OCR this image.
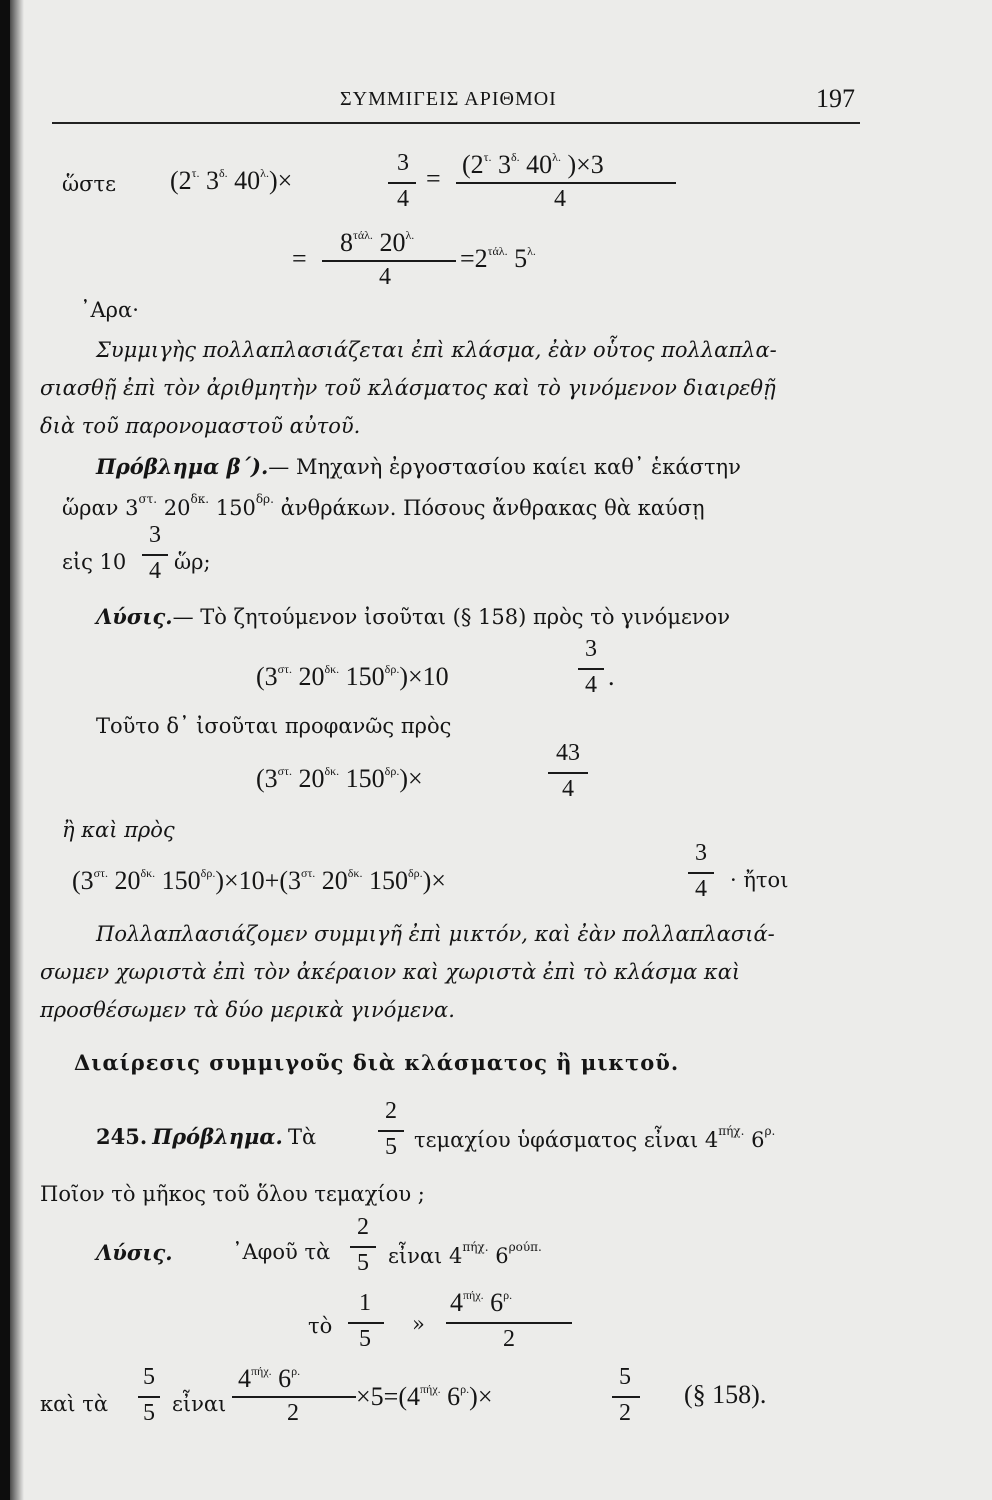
ΣΥΜΜΙΓΕΙΣ ΑΡΙΘΜΟΙ	197
ὥστε ($2^{\tau.}$ $3^{\delta.}$ $40^{\lambda.})\times$
3
4
= ($2^{\tau.}$ $3^{\delta.}$ $40^{\lambda.}$ )×3
4
=
$8^{\tau ά\lambda.}$ $20^{\lambda.}$
4
$=2^{\tau ά\lambda.}$ $5^{\lambda.}$
᾿Αρα·
Συμμιγὴς πολλαπλασιάζεται ἐπὶ κλάσμα, ἐὰν οὗτος πολλαπλα-
σιασθῇ ἐπὶ τὸν ἀριθμητὴν τοῦ κλάσματος καὶ τὸ γινόμενον διαιρεθῇ
διὰ τοῦ παρονομαστοῦ αὐτοῦ.
Πρόβλημα β΄).— Μηχανὴ ἐργοστασίου καίει καθ᾽ ἑκάστην
ὥραν $3^{\sigma\tau.}$ $20^{\delta\kappa.}$ $150^{\delta\rho.}$ ἀνθράκων. Πόσους ἄνθρακας θὰ καύσῃ
εἰς 10
3
4 ὥρ;
Λύσις.— Τὸ ζητούμενον ἰσοῦται (§ 158) πρὸς τὸ γινόμενον
($3^{\sigma\tau.}$ $20^{\delta\kappa.}$ $150^{\delta\rho.})\times 10$
3
4 .
Τοῦτο δ᾽ ἰσοῦται προφανῶς πρὸς
($3^{\sigma\tau.}$ $20^{\delta\kappa.}$ $150^{\delta\rho.})\times$
43
4
ἢ καὶ πρὸς
($3^{\sigma\tau.}$ $20^{\delta\kappa.}$ $150^{\delta\rho.})\times 10+(3^{\sigma\tau.}$ $20^{\delta\kappa.}$ $150^{\delta\rho.})\times$
3
4	· ἤτοι
Πολλαπλασιάζομεν συμμιγῆ ἐπὶ μικτόν, καὶ ἐὰν πολλαπλασιά-
σωμεν χωριστὰ ἐπὶ τὸν ἀκέραιον καὶ χωριστὰ ἐπὶ τὸ κλάσμα καὶ
προσθέσωμεν τὰ δύο μερικὰ γινόμενα.
Διαίρεσις συμμιγοῦς διὰ κλάσματος ἢ μικτοῦ.
245. Πρόβλημα. Τὰ
2
5 τεμαχίου ὑφάσματος εἶναι $4^{\pi ή\chi.}$ $6^{\rho.}$
Ποῖον τὸ μῆκος τοῦ ὅλου τεμαχίου ;
Λύσις.	᾿Αφοῦ τὰ
2
5 εἶναι $4^{\pi ή\chi.}$ $6^{\rho oύ\pi.}$
τὸ
1
5
»
$4^{\pi ή\chi.}$ $6^{\rho.}$
2
καὶ τὰ
5
5 εἶναι
$4^{\pi ή\chi.}$ $6^{\rho.}$
2
$\times 5=(4^{\pi ή\chi.}$ $6^{\rho.})\times$
5
2
(§ 158).
